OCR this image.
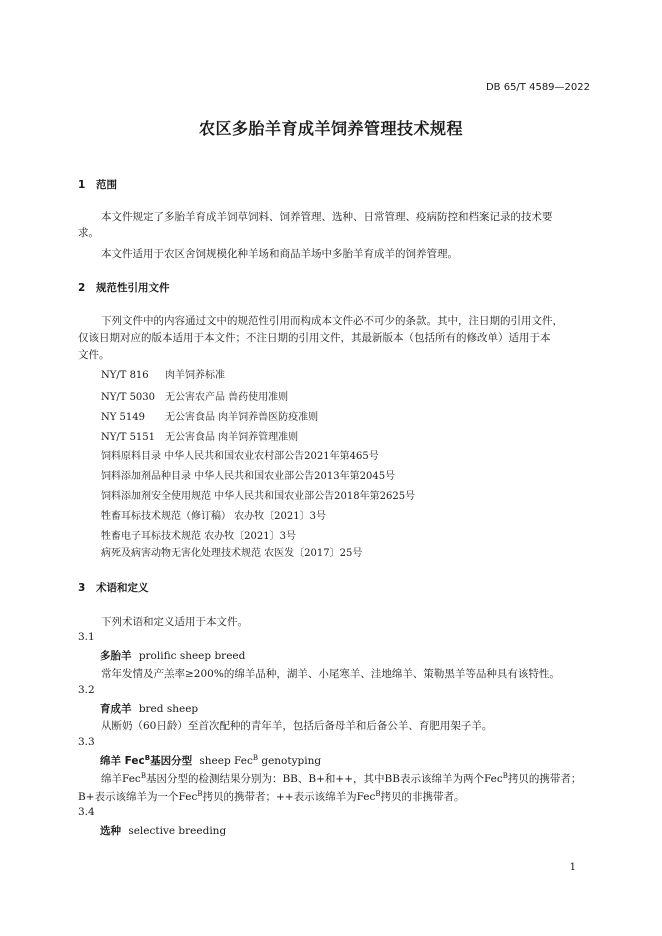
DB 65/T 4589—2022
农区多胎羊育成羊饲养管理技术规程
1 范围
本文件规定了多胎羊育成羊饲草饲料、饲养管理、选种、日常管理、疫病防控和档案记录的技术要
求。
本文件适用于农区舍饲规模化种羊场和商品羊场中多胎羊育成羊的饲养管理。
2 规范性引用文件
下列文件中的内容通过文中的规范性引用而构成本文件必不可少的条款。其中，注日期的引用文件，
仅该日期对应的版本适用于本文件；不注日期的引用文件，其最新版本（包括所有的修改单）适用于本
文件。
NY/T 816 肉羊饲养标准
NY/T 5030 无公害农产品 兽药使用准则
NY 5149 无公害食品 肉羊饲养兽医防疫准则
NY/T 5151 无公害食品 肉羊饲养管理准则
饲料原料目录 中华人民共和国农业农村部公告2021年第465号
饲料添加剂品种目录 中华人民共和国农业部公告2013年第2045号
饲料添加剂安全使用规范 中华人民共和国农业部公告2018年第2625号
牲畜耳标技术规范（修订稿） 农办牧〔2021〕3号
牲畜电子耳标技术规范 农办牧〔2021〕3号
病死及病害动物无害化处理技术规范 农医发〔2017〕25号
3 术语和定义
下列术语和定义适用于本文件。
3.1
多胎羊 prolific sheep breed
常年发情及产羔率≥200%的绵羊品种，湖羊、小尾寒羊、洼地绵羊、策勒黑羊等品种具有该特性。
3.2
育成羊 bred sheep
从断奶（60日龄）至首次配种的青年羊，包括后备母羊和后备公羊、育肥用架子羊。
3.3
绵羊 Fec$^B$基因分型 sheep Fec$^B$ genotyping
绵羊Fec$^B$基因分型的检测结果分别为：BB、B+和++，其中BB表示该绵羊为两个Fec$^B$拷贝的携带者；
B+表示该绵羊为一个Fec$^B$拷贝的携带者；++表示该绵羊为Fec$^B$拷贝的非携带者。
3.4
选种 selective breeding
1
